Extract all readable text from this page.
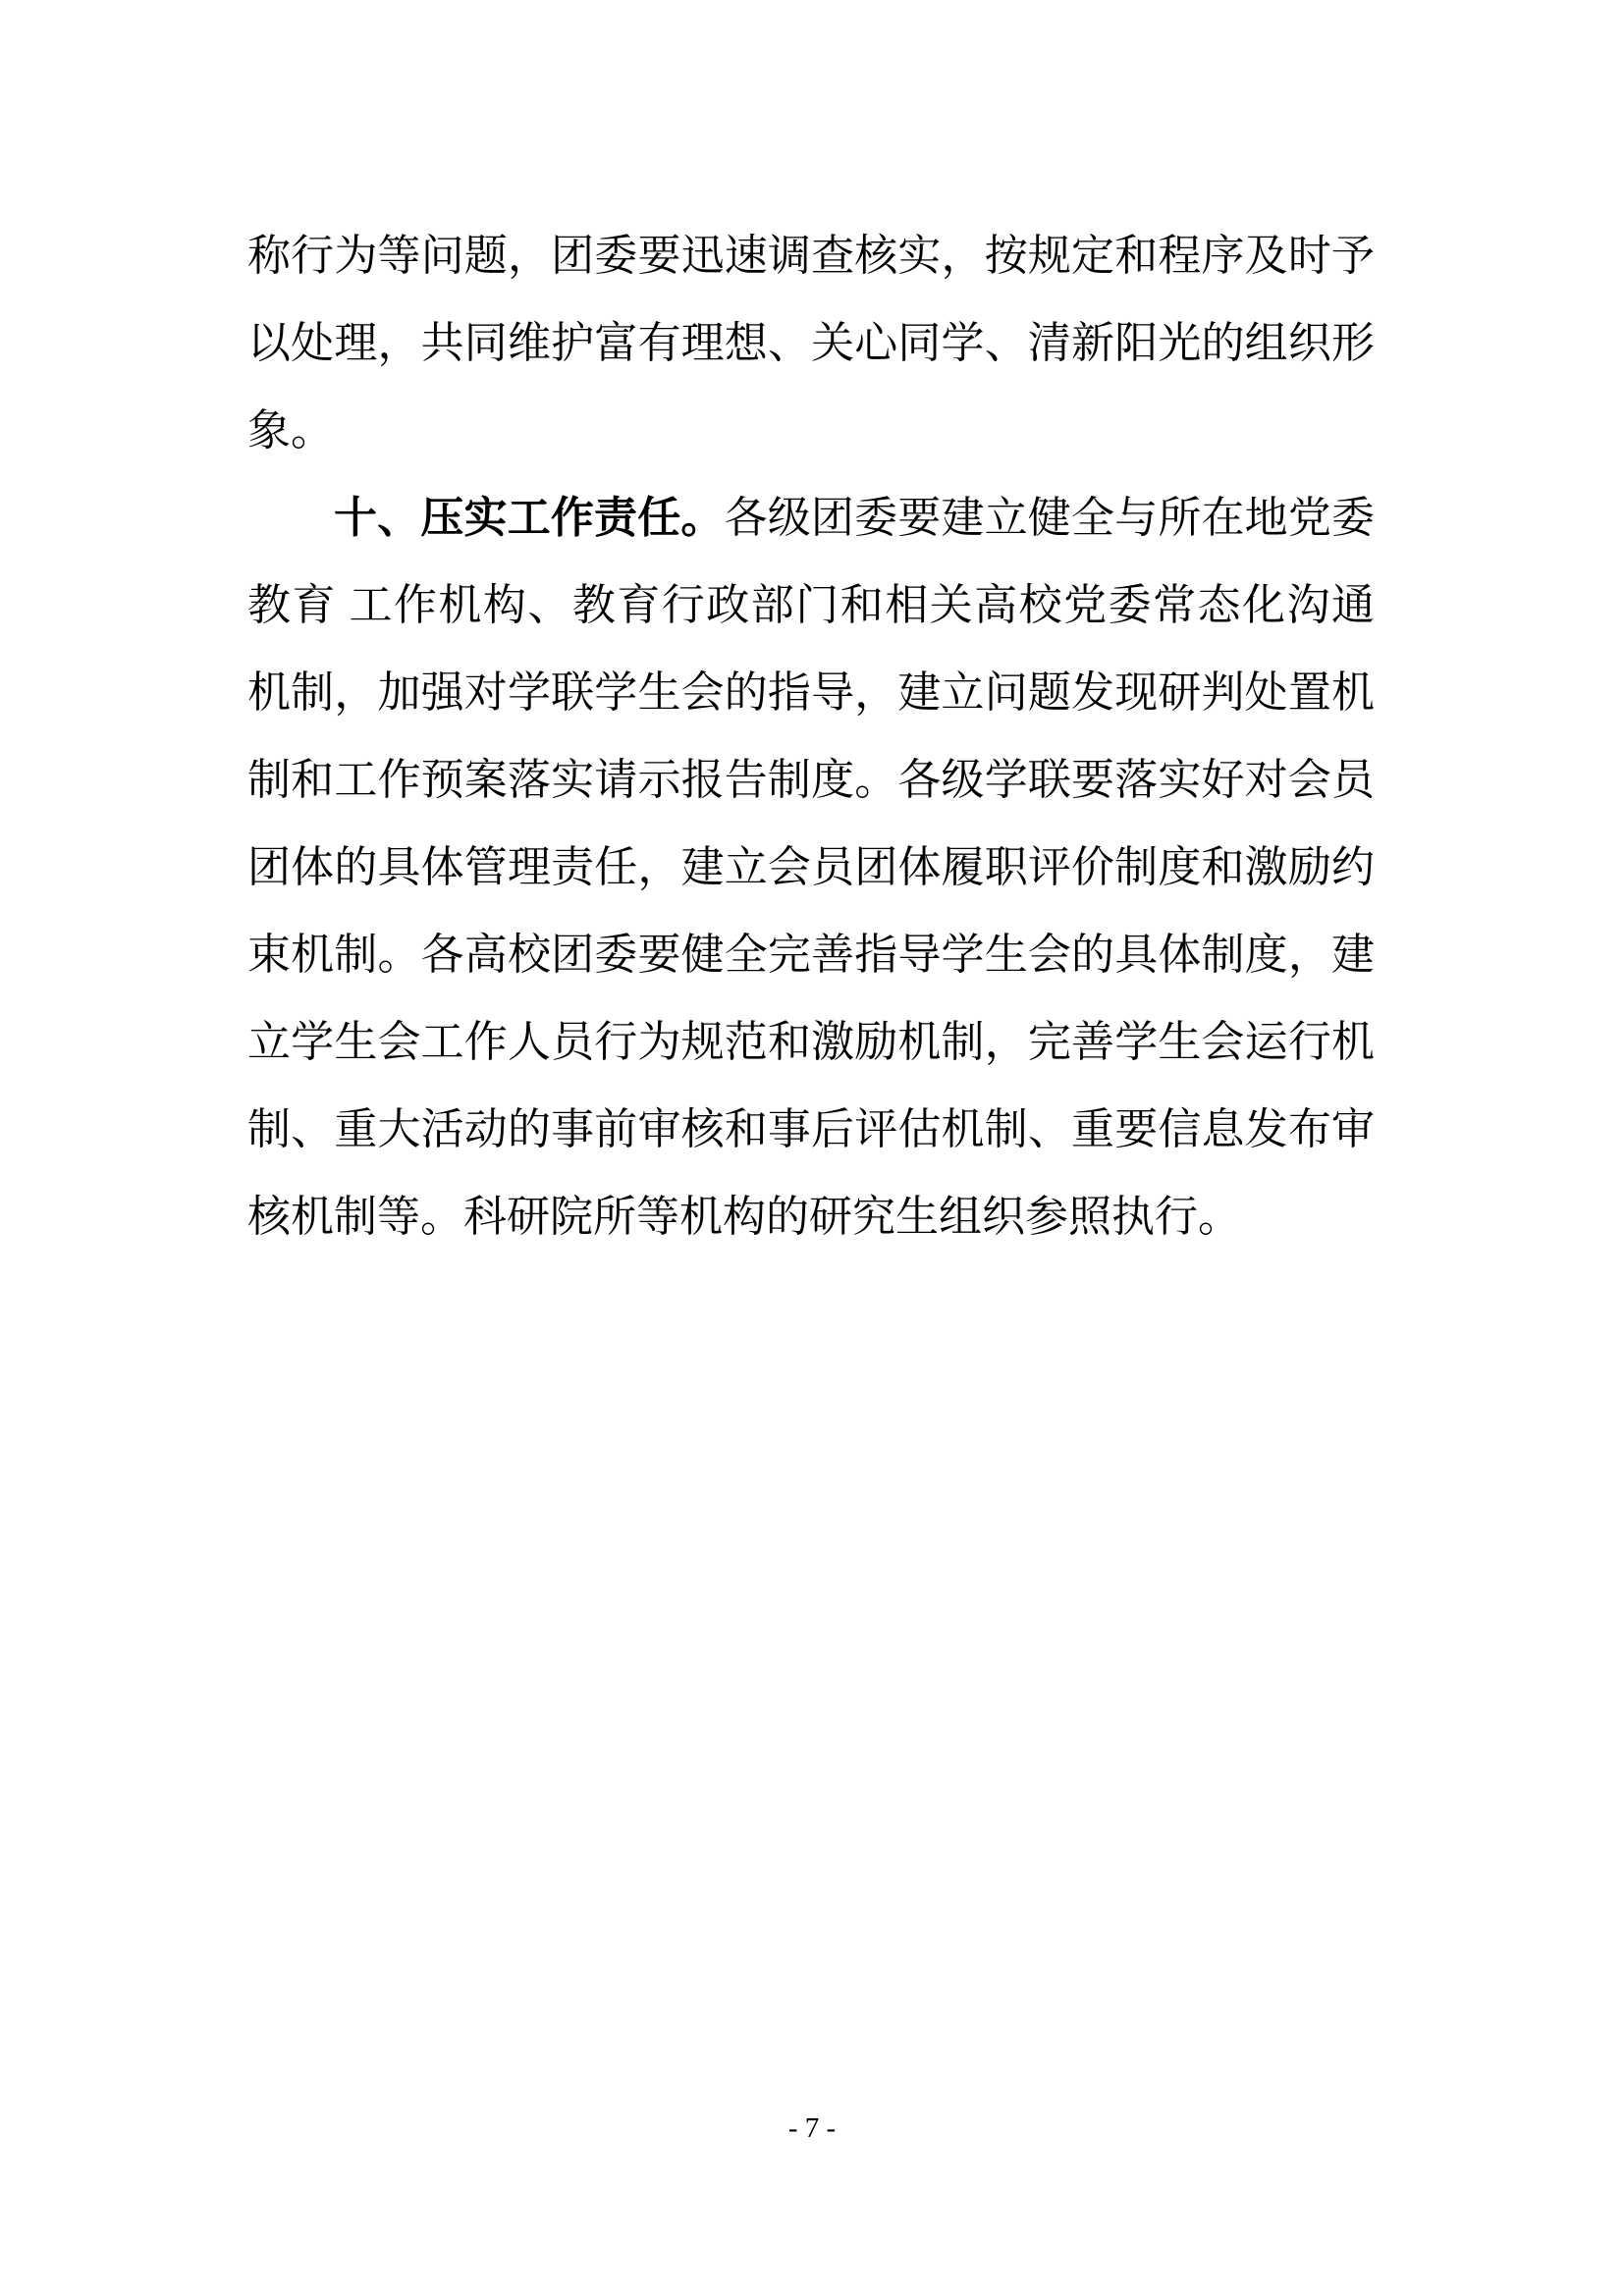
称行为等问题，团委要迅速调查核实，按规定和程序及时予
以处理，共同维护富有理想、关心同学、清新阳光的组织形
象。
十、压实工作责任。各级团委要建立健全与所在地党委
教育 工作机构、教育行政部门和相关高校党委常态化沟通
机制，加强对学联学生会的指导，建立问题发现研判处置机
制和工作预案落实请示报告制度。各级学联要落实好对会员
团体的具体管理责任，建立会员团体履职评价制度和激励约
束机制。各高校团委要健全完善指导学生会的具体制度，建
立学生会工作人员行为规范和激励机制，完善学生会运行机
制、重大活动的事前审核和事后评估机制、重要信息发布审
核机制等。科研院所等机构的研究生组织参照执行。
- 7 -
